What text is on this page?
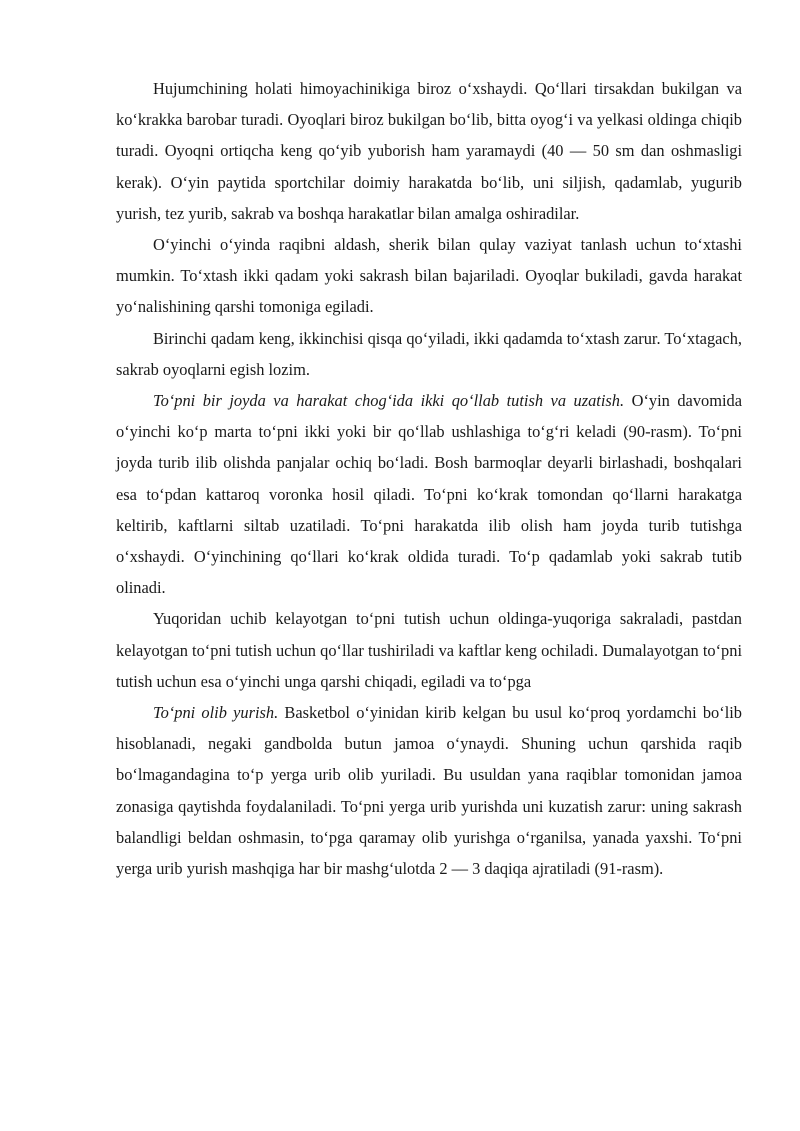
Hujumchining holati himoyachinikiga biroz o‘xshaydi. Qo‘llari tirsakdan bukilgan va ko‘krakka barobar turadi. Oyoqlari biroz bukilgan bo‘lib, bitta oyog‘i va yelkasi oldinga chiqib turadi. Oyoqni ortiqcha keng qo‘yib yuborish ham yaramaydi (40 — 50 sm dan oshmasligi kerak). O‘yin paytida sportchilar doimiy harakatda bo‘lib, uni siljish, qadamlab, yugurib yurish, tez yurib, sakrab va boshqa harakatlar bilan amalga oshiradilar.

O‘yinchi o‘yinda raqibni aldash, sherik bilan qulay vaziyat tanlash uchun to‘xtashi mumkin. To‘xtash ikki qadam yoki sakrash bilan bajariladi. Oyoqlar bukiladi, gavda harakat yo‘nalishining qarshi tomoniga egiladi.

Birinchi qadam keng, ikkinchisi qisqa qo‘yiladi, ikki qadamda to‘xtash zarur. To‘xtagach, sakrab oyoqlarni egish lozim.

To‘pni bir joyda va harakat chog‘ida ikki qo‘llab tutish va uzatish. O‘yin davomida o‘yinchi ko‘p marta to‘pni ikki yoki bir qo‘llab ushlashiga to‘g‘ri keladi (90-rasm). To‘pni joyda turib ilib olishda panjalar ochiq bo‘ladi. Bosh barmoqlar deyarli birlashadi, boshqalari esa to‘pdan kattaroq voronka hosil qiladi. To‘pni ko‘krak tomondan qo‘llarni harakatga keltirib, kaftlarni siltab uzatiladi. To‘pni harakatda ilib olish ham joyda turib tutishga o‘xshaydi. O‘yinchining qo‘llari ko‘krak oldida turadi. To‘p qadamlab yoki sakrab tutib olinadi.

Yuqoridan uchib kelayotgan to‘pni tutish uchun oldinga-yuqoriga sakraladi, pastdan kelayotgan to‘pni tutish uchun qo‘llar tushiriladi va kaftlar keng ochiladi. Dumalayotgan to‘pni tutish uchun esa o‘yinchi unga qarshi chiqadi, egiladi va to‘pga

To‘pni olib yurish. Basketbol o‘yinidan kirib kelgan bu usul ko‘proq yordamchi bo‘lib hisoblanadi, negaki gandbolda butun jamoa o‘ynaydi. Shuning uchun qarshida raqib bo‘lmagandagina to‘p yerga urib olib yuriladi. Bu usuldan yana raqiblar tomonidan jamoa zonasiga qaytishda foydalaniladi. To‘pni yerga urib yurishda uni kuzatish zarur: uning sakrash balandligi beldan oshmasin, to‘pga qaramay olib yurishga o‘rganilsa, yanada yaxshi. To‘pni yerga urib yurish mashqiga har bir mashg‘ulotda 2 — 3 daqiqa ajratiladi (91-rasm).
